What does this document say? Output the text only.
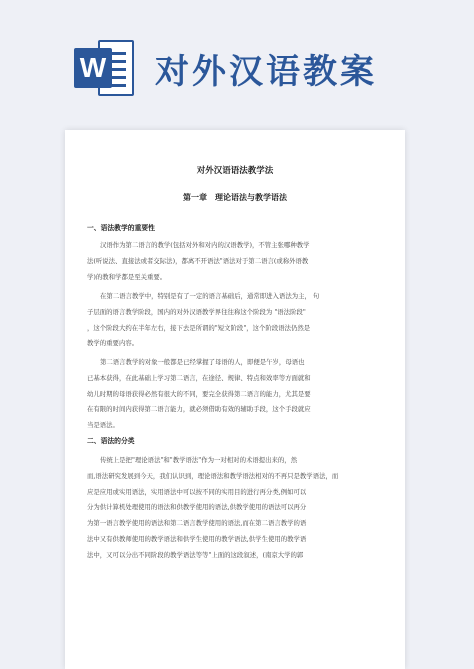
W 对外汉语教案
对外汉语语法教学法
第一章　理论语法与教学语法
一、语法教学的重要性
汉语作为第二语言的教学(包括对外和对内的汉语教学)，不管主张哪种教学
法(听说法、直接法或者交际法)，都离不开语法"语法对于第二语言(或称外语教
学)的教和学都是至关重要。
在第二语言教学中，特别是有了一定的语言基础后，通常即进入语法为主， 句
子层面的语言教学阶段，国内的对外汉语教学界往往称这个阶段为 "语法阶段"
，这个阶段大约在半年左右，接下去是所谓的"短文阶段"，这个阶段语法仍然是
教学的重要内容。
第二语言教学的对象一般都是已经掌握了母语的人，即便是午岁，母语也
已基本获得，在此基础上学习第二语言，在途径、规律、特点和效率等方面就和
幼儿时期的母语获得必然有很大的不同，要完全获得第二语言的能力，尤其是要
在有限的时间内获得第二语言能力，就必须借助有效的辅助手段，这个手段就应
当是语法。
二、语法的分类
传统上是把"理论语法"和"教学语法"作为一对相对的术语提出来的，然
而,语法研究发展到今天，我们认识到，理论语法和教学语法相对的不再只是教学语法，而
应是应用或实用语法，实用语法中可以按不同的实用目的进行再分类,例如可以
分为供计算机处理使用的语法和供教学使用的语法,供教学使用的语法可以再分
为第一语言教学使用的语法和第二语言教学使用的语法,而在第二语言教学的语
法中又有供教师使用的教学语法和供学生使用的教学语法,供学生使用的教学语
法中，又可以分出不同阶段的教学语法等等"上面的这段叙述，(南京大学的郭
